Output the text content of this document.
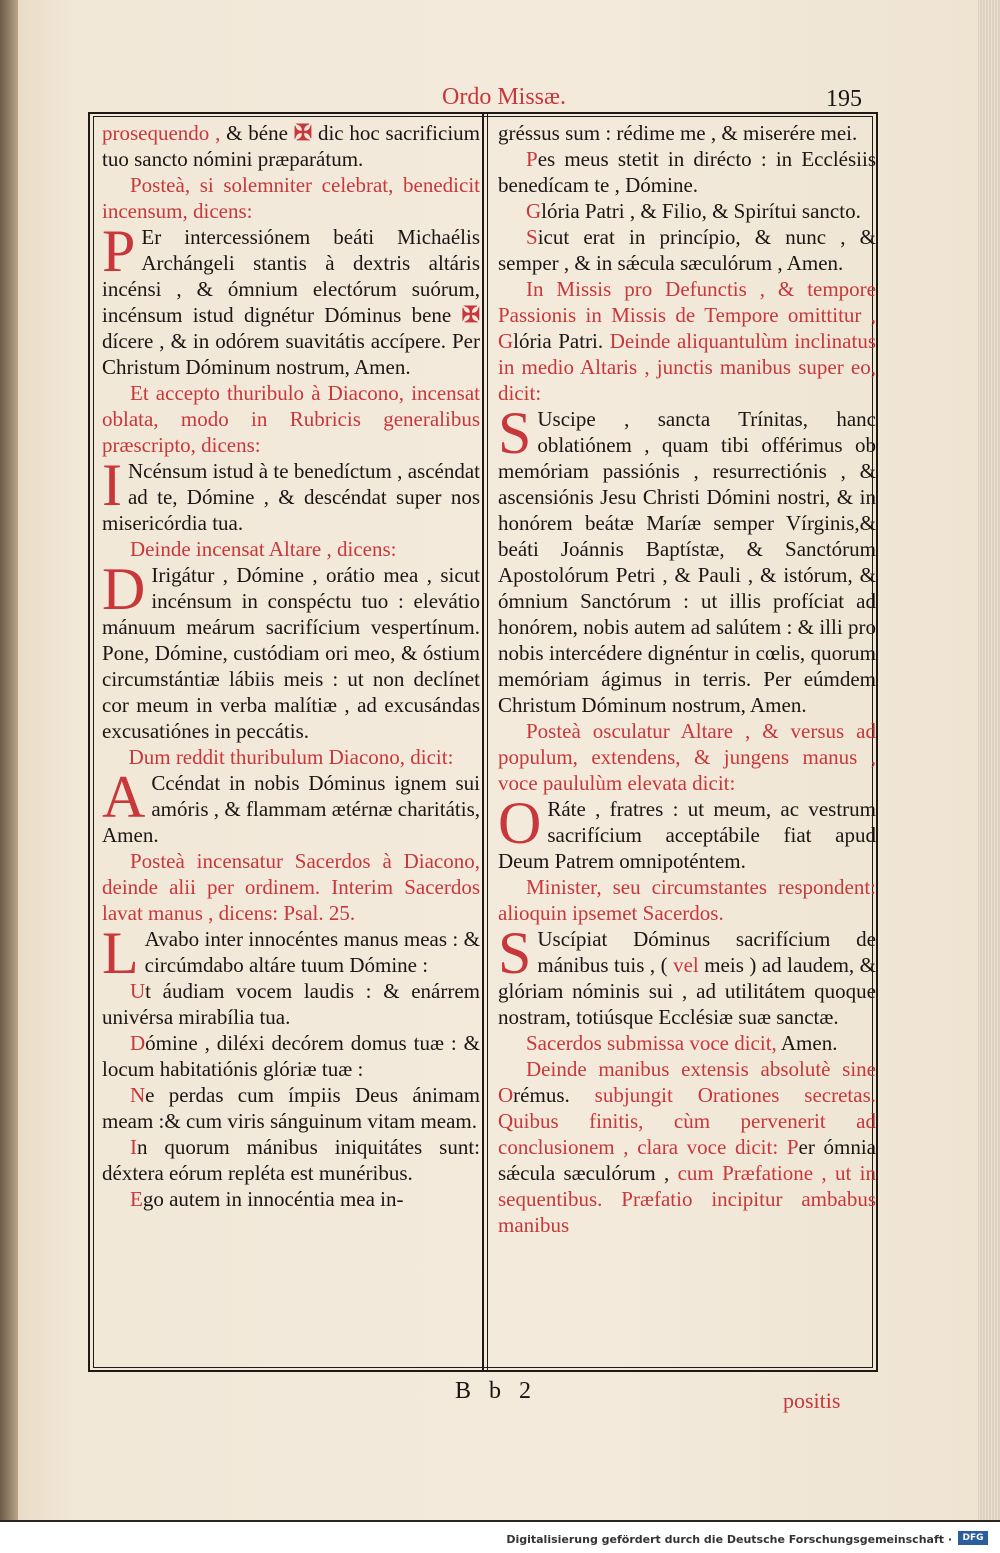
Ordo Missæ.	195
prosequendo , & béne ✠ dic hoc sacrificium tuo sancto nómini præparátum.
Posteà, si solemniter celebrat, benedicit incensum, dicens:
P Er intercessiónem beáti Michaélis Archángeli stantis à dextris altáris incénsi , & ómnium electórum suórum, incénsum istud dignétur Dóminus bene ✠ dícere , & in odórem suavitátis accípere. Per Christum Dóminum nostrum, Amen.
Et accepto thuribulo à Diacono, incensat oblata, modo in Rubricis generalibus præscripto, dicens:
I Ncénsum istud à te benedíctum , ascéndat ad te, Dómine , & descéndat super nos misericórdia tua.
Deinde incensat Altare , dicens:
D Irigátur , Dómine , orátio mea , sicut incénsum in conspéctu tuo : elevátio mánuum meárum sacrifícium vespertínum. Pone, Dómine, custódiam ori meo, & óstium circumstántiæ lábiis meis : ut non declínet cor meum in verba malítiæ , ad excusándas excusatiónes in peccátis.
Dum reddit thuribulum Diacono, dicit:
A Ccéndat in nobis Dóminus ignem sui amóris , & flammam ætérnæ charitátis, Amen.
Posteà incensatur Sacerdos à Diacono, deinde alii per ordinem. Interim Sacerdos lavat manus , dicens: Psal. 25.
L Avabo inter innocéntes manus meas : & circúmdabo altáre tuum Dómine :
Ut áudiam vocem laudis : & enárrem univérsa mirabília tua.
Dómine , diléxi decórem domus tuæ : & locum habitatiónis glóriæ tuæ :
Ne perdas cum ímpiis Deus ánimam meam :& cum viris sánguinum vitam meam.
In quorum mánibus iniquitátes sunt: déxtera eórum repléta est munéribus.
Ego autem in innocéntia mea in-
gréssus sum : rédime me , & miserére mei.
Pes meus stetit in dirécto : in Ecclésiis benedícam te , Dómine.
Glória Patri , & Filio, & Spirítui sancto.
Sicut erat in princípio, & nunc , & semper , & in sǽcula sæculórum , Amen.
In Missis pro Defunctis , & tempore Passionis in Missis de Tempore omittitur , Glória Patri. Deinde aliquantulùm inclinatus in medio Altaris , junctis manibus super eo, dicit:
S Uscipe , sancta Trínitas, hanc oblatiónem , quam tibi offérimus ob memóriam passiónis , resurrectiónis , & ascensiónis Jesu Christi Dómini nostri, & in honórem beátæ Maríæ semper Vírginis,& beáti Joánnis Baptístæ, & Sanctórum Apostolórum Petri , & Pauli , & istórum, & ómnium Sanctórum : ut illis profíciat ad honórem, nobis autem ad salútem : & illi pro nobis intercédere dignéntur in cœlis, quorum memóriam ágimus in terris. Per eúmdem Christum Dóminum nostrum, Amen.
Posteà osculatur Altare , & versus ad populum, extendens, & jungens manus , voce paululùm elevata dicit:
O Ráte , fratres : ut meum, ac vestrum sacrifícium acceptábile fiat apud Deum Patrem omnipoténtem.
Minister, seu circumstantes respondent: alioquin ipsemet Sacerdos.
S Uscípiat Dóminus sacrifícium de mánibus tuis , ( vel meis ) ad laudem, & glóriam nóminis sui , ad utilitátem quoque nostram, totiúsque Ecclésiæ suæ sanctæ.
Sacerdos submissa voce dicit, Amen.
Deinde manibus extensis absolutè sine Orémus. subjungit Orationes secretas. Quibus finitis, cùm pervenerit ad conclusionem , clara voce dicit: Per ómnia sǽcula sæculórum , cum Præfatione , ut in sequentibus. Præfatio incipitur ambabus manibus
B b 2	positis
Digitalisierung gefördert durch die Deutsche Forschungsgemeinschaft ·	DFG
